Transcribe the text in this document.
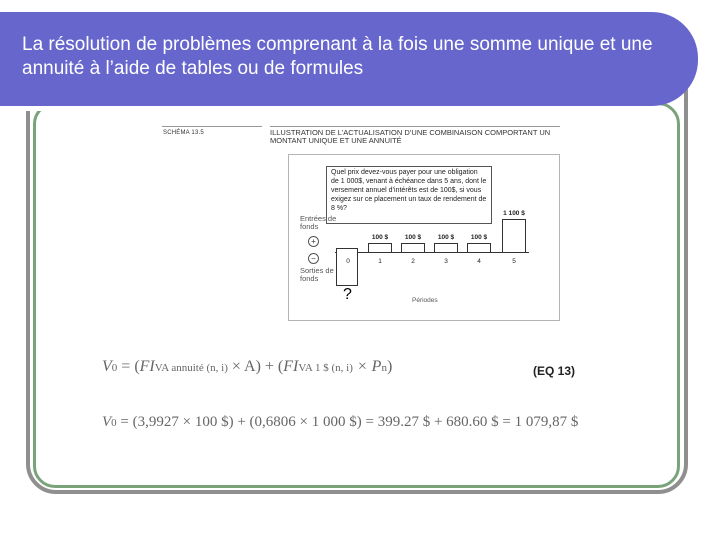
La résolution de problèmes comprenant à la fois une somme unique et une annuité à l’aide de tables ou de formules
SCHÉMA 13.5	ILLUSTRATION DE L’ACTUALISATION D’UNE COMBINAISON COMPORTANT UN MONTANT UNIQUE ET UNE ANNUITÉ
Quel prix devez-vous payer pour une obligation de 1 000$, venant à échéance dans 5 ans, dont le versement annuel d’intérêts est de 100$, si vous exigez sur ce placement un taux de rendement de 8 %?
Entrées de fonds
+
−
Sorties de fonds
100 $	100 $	100 $	100 $
1 100 $
0	1	2	3	4	5
Périodes
?
V0 = (FIVA annuité (n, i) × A) + (FIVA 1 $ (n, i) × Pn)	(EQ 13)
V0 = (3,9927 × 100 $) + (0,6806 × 1 000 $) = 399.27 $ + 680.60 $ = 1 079,87 $
